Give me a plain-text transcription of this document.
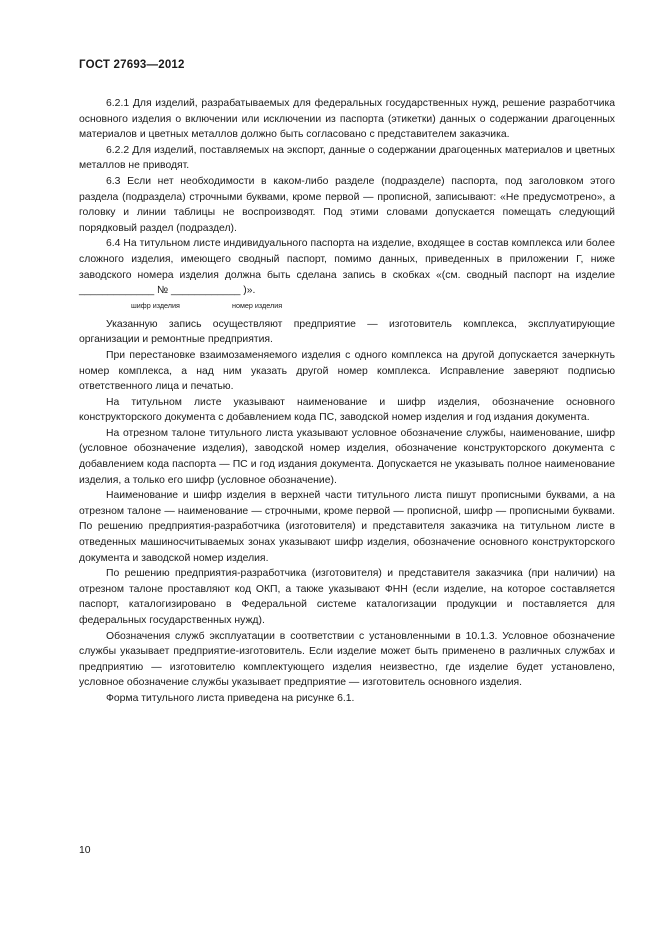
ГОСТ 27693—2012

6.2.1 Для изделий, разрабатываемых для федеральных государственных нужд, решение разработчика основного изделия о включении или исключении из паспорта (этикетки) данных о содержании драгоценных материалов и цветных металлов должно быть согласовано с представителем заказчика.

6.2.2 Для изделий, поставляемых на экспорт, данные о содержании драгоценных материалов и цветных металлов не приводят.

6.3 Если нет необходимости в каком-либо разделе (подразделе) паспорта, под заголовком этого раздела (подраздела) строчными буквами, кроме первой — прописной, записывают: «Не предусмотрено», а головку и линии таблицы не воспроизводят. Под этими словами допускается помещать следующий порядковый раздел (подраздел).

6.4 На титульном листе индивидуального паспорта на изделие, входящее в состав комплекса или более сложного изделия, имеющего сводный паспорт, помимо данных, приведенных в приложении Г, ниже заводского номера изделия должна быть сделана запись в скобках «(см. сводный паспорт на изделие _____________ № ____________ )».

шифр изделия	номер изделия

Указанную запись осуществляют предприятие — изготовитель комплекса, эксплуатирующие организации и ремонтные предприятия.

При перестановке взаимозаменяемого изделия с одного комплекса на другой допускается зачеркнуть номер комплекса, а над ним указать другой номер комплекса. Исправление заверяют подписью ответственного лица и печатью.

На титульном листе указывают наименование и шифр изделия, обозначение основного конструкторского документа с добавлением кода ПС, заводской номер изделия и год издания документа.

На отрезном талоне титульного листа указывают условное обозначение службы, наименование, шифр (условное обозначение изделия), заводской номер изделия, обозначение конструкторского документа с добавлением кода паспорта — ПС и год издания документа. Допускается не указывать полное наименование изделия, а только его шифр (условное обозначение).

Наименование и шифр изделия в верхней части титульного листа пишут прописными буквами, а на отрезном талоне — наименование — строчными, кроме первой — прописной, шифр — прописными буквами. По решению предприятия-разработчика (изготовителя) и представителя заказчика на титульном листе в отведенных машиносчитываемых зонах указывают шифр изделия, обозначение основного конструкторского документа и заводской номер изделия.

По решению предприятия-разработчика (изготовителя) и представителя заказчика (при наличии) на отрезном талоне проставляют код ОКП, а также указывают ФНН (если изделие, на которое составляется паспорт, каталогизировано в Федеральной системе каталогизации продукции и поставляется для федеральных государственных нужд).

Обозначения служб эксплуатации в соответствии с установленными в 10.1.3. Условное обозначение службы указывает предприятие-изготовитель. Если изделие может быть применено в различных службах и предприятию — изготовителю комплектующего изделия неизвестно, где изделие будет установлено, условное обозначение службы указывает предприятие — изготовитель основного изделия.

Форма титульного листа приведена на рисунке 6.1.

10
